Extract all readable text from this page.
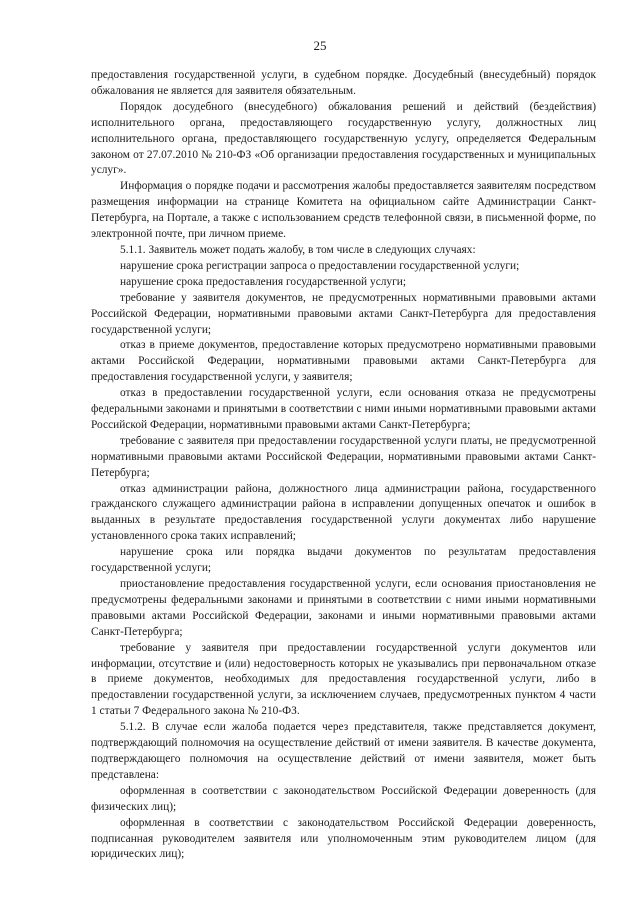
25

предоставления государственной услуги, в судебном порядке. Досудебный (внесудебный) порядок обжалования не является для заявителя обязательным.

Порядок досудебного (внесудебного) обжалования решений и действий (бездействия) исполнительного органа, предоставляющего государственную услугу, должностных лиц исполнительного органа, предоставляющего государственную услугу, определяется Федеральным законом от 27.07.2010 № 210-ФЗ «Об организации предоставления государственных и муниципальных услуг».

Информация о порядке подачи и рассмотрения жалобы предоставляется заявителям посредством размещения информации на странице Комитета на официальном сайте Администрации Санкт-Петербурга, на Портале, а также с использованием средств телефонной связи, в письменной форме, по электронной почте, при личном приеме.

5.1.1. Заявитель может подать жалобу, в том числе в следующих случаях:

нарушение срока регистрации запроса о предоставлении государственной услуги;

нарушение срока предоставления государственной услуги;

требование у заявителя документов, не предусмотренных нормативными правовыми актами Российской Федерации, нормативными правовыми актами Санкт-Петербурга для предоставления государственной услуги;

отказ в приеме документов, предоставление которых предусмотрено нормативными правовыми актами Российской Федерации, нормативными правовыми актами Санкт-Петербурга для предоставления государственной услуги, у заявителя;

отказ в предоставлении государственной услуги, если основания отказа не предусмотрены федеральными законами и принятыми в соответствии с ними иными нормативными правовыми актами Российской Федерации, нормативными правовыми актами Санкт-Петербурга;

требование с заявителя при предоставлении государственной услуги платы, не предусмотренной нормативными правовыми актами Российской Федерации, нормативными правовыми актами Санкт-Петербурга;

отказ администрации района, должностного лица администрации района, государственного гражданского служащего администрации района в исправлении допущенных опечаток и ошибок в выданных в результате предоставления государственной услуги документах либо нарушение установленного срока таких исправлений;

нарушение срока или порядка выдачи документов по результатам предоставления государственной услуги;

приостановление предоставления государственной услуги, если основания приостановления не предусмотрены федеральными законами и принятыми в соответствии с ними иными нормативными правовыми актами Российской Федерации, законами и иными нормативными правовыми актами Санкт-Петербурга;

требование у заявителя при предоставлении государственной услуги документов или информации, отсутствие и (или) недостоверность которых не указывались при первоначальном отказе в приеме документов, необходимых для предоставления государственной услуги, либо в предоставлении государственной услуги, за исключением случаев, предусмотренных пунктом 4 части 1 статьи 7 Федерального закона № 210-ФЗ.

5.1.2. В случае если жалоба подается через представителя, также представляется документ, подтверждающий полномочия на осуществление действий от имени заявителя. В качестве документа, подтверждающего полномочия на осуществление действий от имени заявителя, может быть представлена:

оформленная в соответствии с законодательством Российской Федерации доверенность (для физических лиц);

оформленная в соответствии с законодательством Российской Федерации доверенность, подписанная руководителем заявителя или уполномоченным этим руководителем лицом (для юридических лиц);
